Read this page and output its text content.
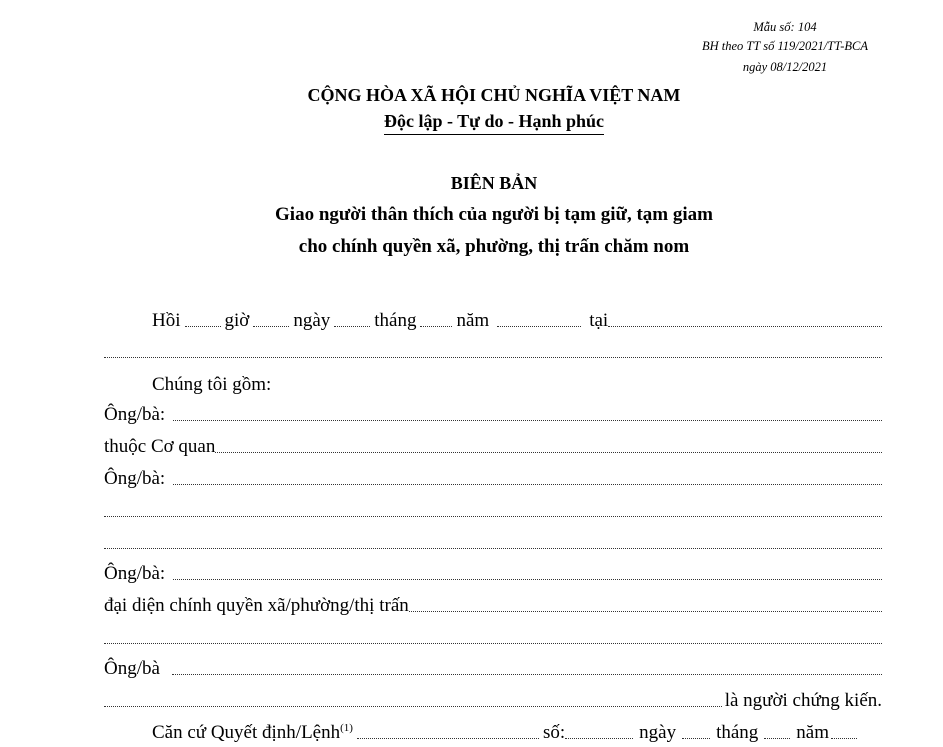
Mẫu số: 104
BH theo TT số 119/2021/TT-BCA
ngày 08/12/2021
CỘNG HÒA XÃ HỘI CHỦ NGHĨA VIỆT NAM
Độc lập - Tự do - Hạnh phúc
BIÊN BẢN
Giao người thân thích của người bị tạm giữ, tạm giam
cho chính quyền xã, phường, thị trấn chăm nom
Hồi giờ ngày tháng năm	tại
Chúng tôi gồm:
Ông/bà:
thuộc Cơ quan
Ông/bà:
Ông/bà:
đại diện chính quyền xã/phường/thị trấn
Ông/bà
là người chứng kiến.
Căn cứ Quyết định/Lệnh$^{(1)}$	số:	ngày tháng năm
